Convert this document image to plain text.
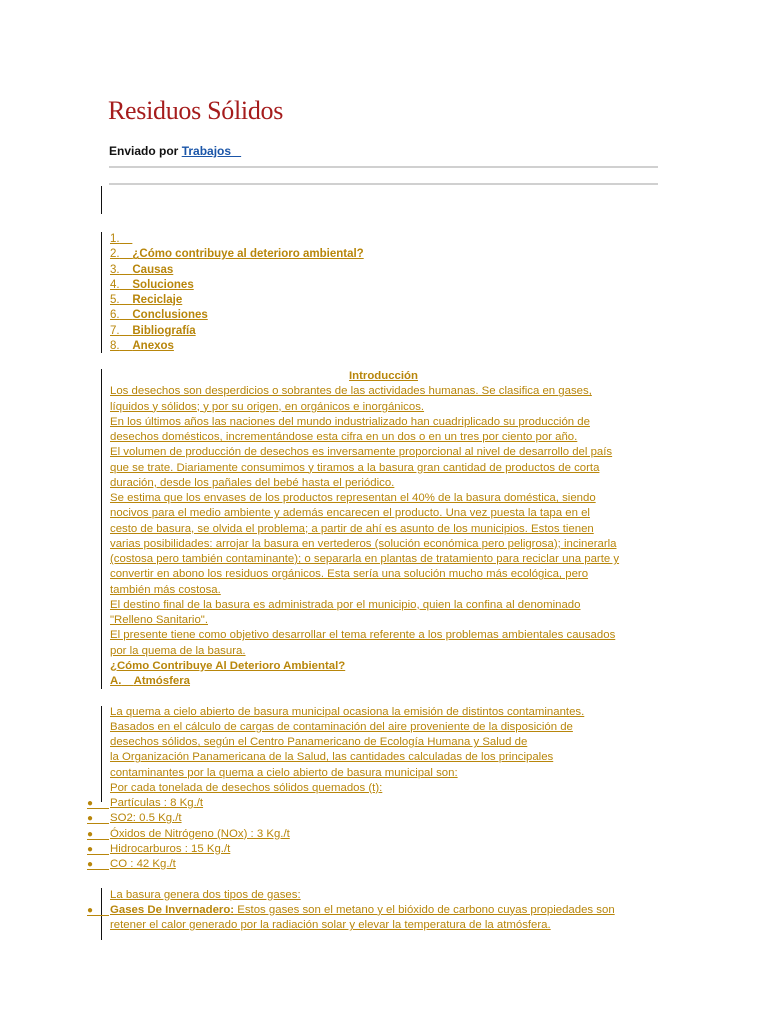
Residuos Sólidos
Enviado por Trabajos _
1.
2. ¿Cómo contribuye al deterioro ambiental?
3. Causas
4. Soluciones
5. Reciclaje
6. Conclusiones
7. Bibliografía
8. Anexos
Introducción
Los desechos son desperdicios o sobrantes de las actividades humanas. Se clasifica en gases,
líquidos y sólidos; y por su origen, en orgánicos e inorgánicos.
En los últimos años las naciones del mundo industrializado han cuadriplicado su producción de
desechos domésticos, incrementándose esta cifra en un dos o en un tres por ciento por año.
El volumen de producción de desechos es inversamente proporcional al nivel de desarrollo del país
que se trate. Diariamente consumimos y tiramos a la basura gran cantidad de productos de corta
duración, desde los pañales del bebé hasta el periódico.
Se estima que los envases de los productos representan el 40% de la basura doméstica, siendo
nocivos para el medio ambiente y además encarecen el producto. Una vez puesta la tapa en el
cesto de basura, se olvida el problema; a partir de ahí es asunto de los municipios. Estos tienen
varias posibilidades: arrojar la basura en vertederos (solución económica pero peligrosa); incinerarla
(costosa pero también contaminante); o separarla en plantas de tratamiento para reciclar una parte y
convertir en abono los residuos orgánicos. Esta sería una solución mucho más ecológica, pero
también más costosa.
El destino final de la basura es administrada por el municipio, quien la confina al denominado
"Relleno Sanitario".
El presente tiene como objetivo desarrollar el tema referente a los problemas ambientales causados
por la quema de la basura.
¿Cómo Contribuye Al Deterioro Ambiental?
A. Atmósfera
La quema a cielo abierto de basura municipal ocasiona la emisión de distintos contaminantes.
Basados en el cálculo de cargas de contaminación del aire proveniente de la disposición de
desechos sólidos, según el Centro Panamericano de Ecología Humana y Salud de
la Organización Panamericana de la Salud, las cantidades calculadas de los principales
contaminantes por la quema a cielo abierto de basura municipal son:
Por cada tonelada de desechos sólidos quemados (t):
● Partículas : 8 Kg./t
● SO2: 0.5 Kg./t
● Óxidos de Nitrógeno (NOx) : 3 Kg./t
● Hidrocarburos : 15 Kg./t
● CO : 42 Kg./t
La basura genera dos tipos de gases:
● Gases De Invernadero: Estos gases son el metano y el bióxido de carbono cuyas propiedades son
retener el calor generado por la radiación solar y elevar la temperatura de la atmósfera.
